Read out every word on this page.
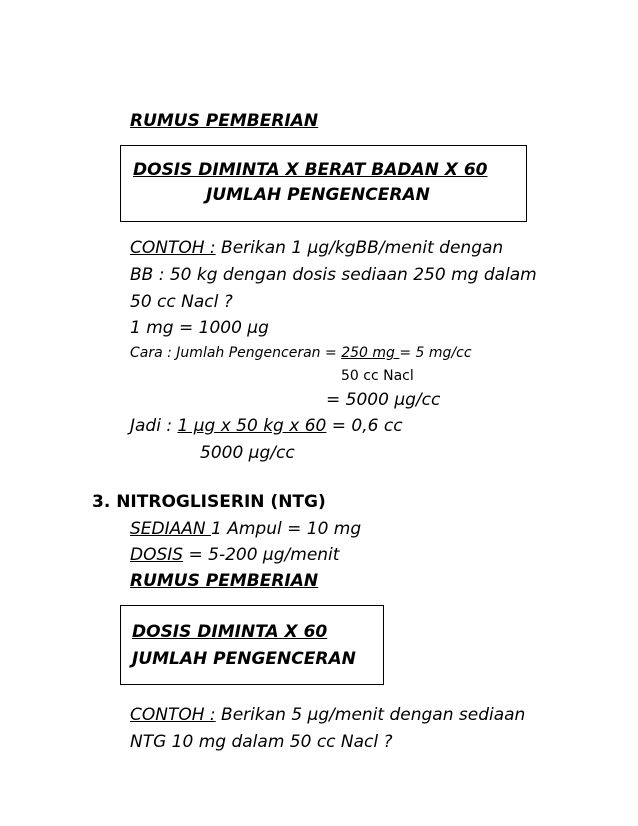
RUMUS PEMBERIAN
DOSIS DIMINTA X BERAT BADAN X 60
JUMLAH PENGENCERAN
CONTOH : Berikan 1 µg/kgBB/menit dengan
BB : 50 kg dengan dosis sediaan 250 mg dalam
50 cc Nacl ?
1 mg = 1000 µg
Cara : Jumlah Pengenceran = 250 mg = 5 mg/cc
50 cc Nacl
= 5000 µg/cc
Jadi : 1 µg x 50 kg x 60 = 0,6 cc
5000 µg/cc
3. NITROGLISERIN (NTG)
SEDIAAN 1 Ampul = 10 mg
DOSIS = 5-200 µg/menit
RUMUS PEMBERIAN
DOSIS DIMINTA X 60
JUMLAH PENGENCERAN
CONTOH : Berikan 5 µg/menit dengan sediaan
NTG 10 mg dalam 50 cc Nacl ?
